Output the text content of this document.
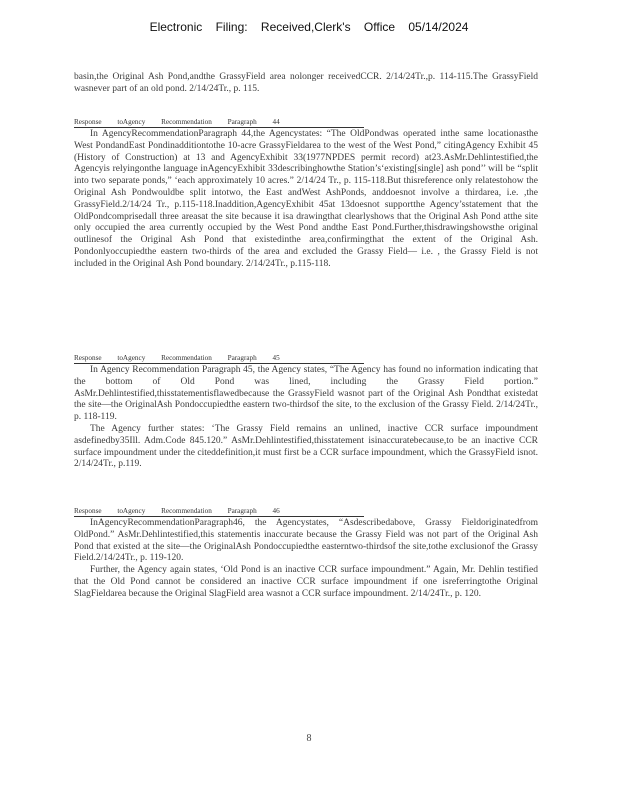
Electronic Filing: Received,Clerk's Office 05/14/2024

basin,the Original Ash Pond,andthe GrassyField area nolonger receivedCCR. 2/14/24Tr.,p. 114-115.The GrassyField wasnever part of an old pond. 2/14/24Tr., p. 115.

Response toAgency Recommendation Paragraph 44

In AgencyRecommendationParagraph 44,the Agencystates: “The OldPondwas operated inthe same locationasthe West PondandEast Pondinadditiontothe 10-acre GrassyFieldarea to the west of the West Pond,” citingAgency Exhibit 45 (History of Construction) at 13 and AgencyExhibit 33(1977NPDES permit record) at23.AsMr.Dehlintestified,the Agencyis relyingonthe language inAgencyExhibit 33describinghowthe Station’s‘existing[single] ash pond’’ will be “split into two separate ponds,” ‘each approximately 10 acres.” 2/14/24 Tr., p. 115-118.But thisreference only relatestohow the Original Ash Pondwouldbe split intotwo, the East andWest AshPonds, anddoesnot involve a thirdarea, i.e. ,the GrassyField.2/14/24 Tr., p.115-118.Inaddition,AgencyExhibit 45at 13doesnot supportthe Agency’sstatement that the OldPondcomprisedall three areasat the site because it isa drawingthat clearlyshows that the Original Ash Pond atthe site only occupied the area currently occupied by the West Pond andthe East Pond.Further,thisdrawingshowsthe original outlinesof the Original Ash Pond that existedinthe area,confirmingthat the extent of the Original Ash. Pondonlyoccupiedthe eastern two-thirds of the area and excluded the Grassy Field— i.e. , the Grassy Field is not included in the Original Ash Pond boundary. 2/14/24Tr., p.115-118.

Response toAgency Recommendation Paragraph 45

In Agency Recommendation Paragraph 45, the Agency states, “The Agency has found no information indicating that the bottom of Old Pond was lined, including the Grassy Field portion.” AsMr.Dehlintestified,thisstatementisflawedbecause the GrassyField wasnot part of the Original Ash Pondthat existedat the site—the OriginalAsh Pondoccupiedthe eastern two-thirdsof the site, to the exclusion of the Grassy Field. 2/14/24Tr., p. 118-119.

The Agency further states: ‘The Grassy Field remains an unlined, inactive CCR surface impoundment asdefinedby35Ill. Adm.Code 845.120.” AsMr.Dehlintestified,thisstatement isinaccuratebecause,to be an inactive CCR surface impoundment under the citeddefinition,it must first be a CCR surface impoundment, which the GrassyField isnot. 2/14/24Tr., p.119.

Response toAgency Recommendation Paragraph 46

InAgencyRecommendationParagraph46, the Agencystates, “Asdescribedabove, Grassy Fieldoriginatedfrom OldPond.” AsMr.Dehlintestified,this statementis inaccurate because the Grassy Field was not part of the Original Ash Pond that existed at the site—the OriginalAsh Pondoccupiedthe easterntwo-thirdsof the site,tothe exclusionof the Grassy Field.2/14/24Tr., p. 119-120.

Further, the Agency again states, ‘Old Pond is an inactive CCR surface impoundment.” Again, Mr. Dehlin testified that the Old Pond cannot be considered an inactive CCR surface impoundment if one isreferringtothe Original SlagFieldarea because the Original SlagField area wasnot a CCR surface impoundment. 2/14/24Tr., p. 120.

8
